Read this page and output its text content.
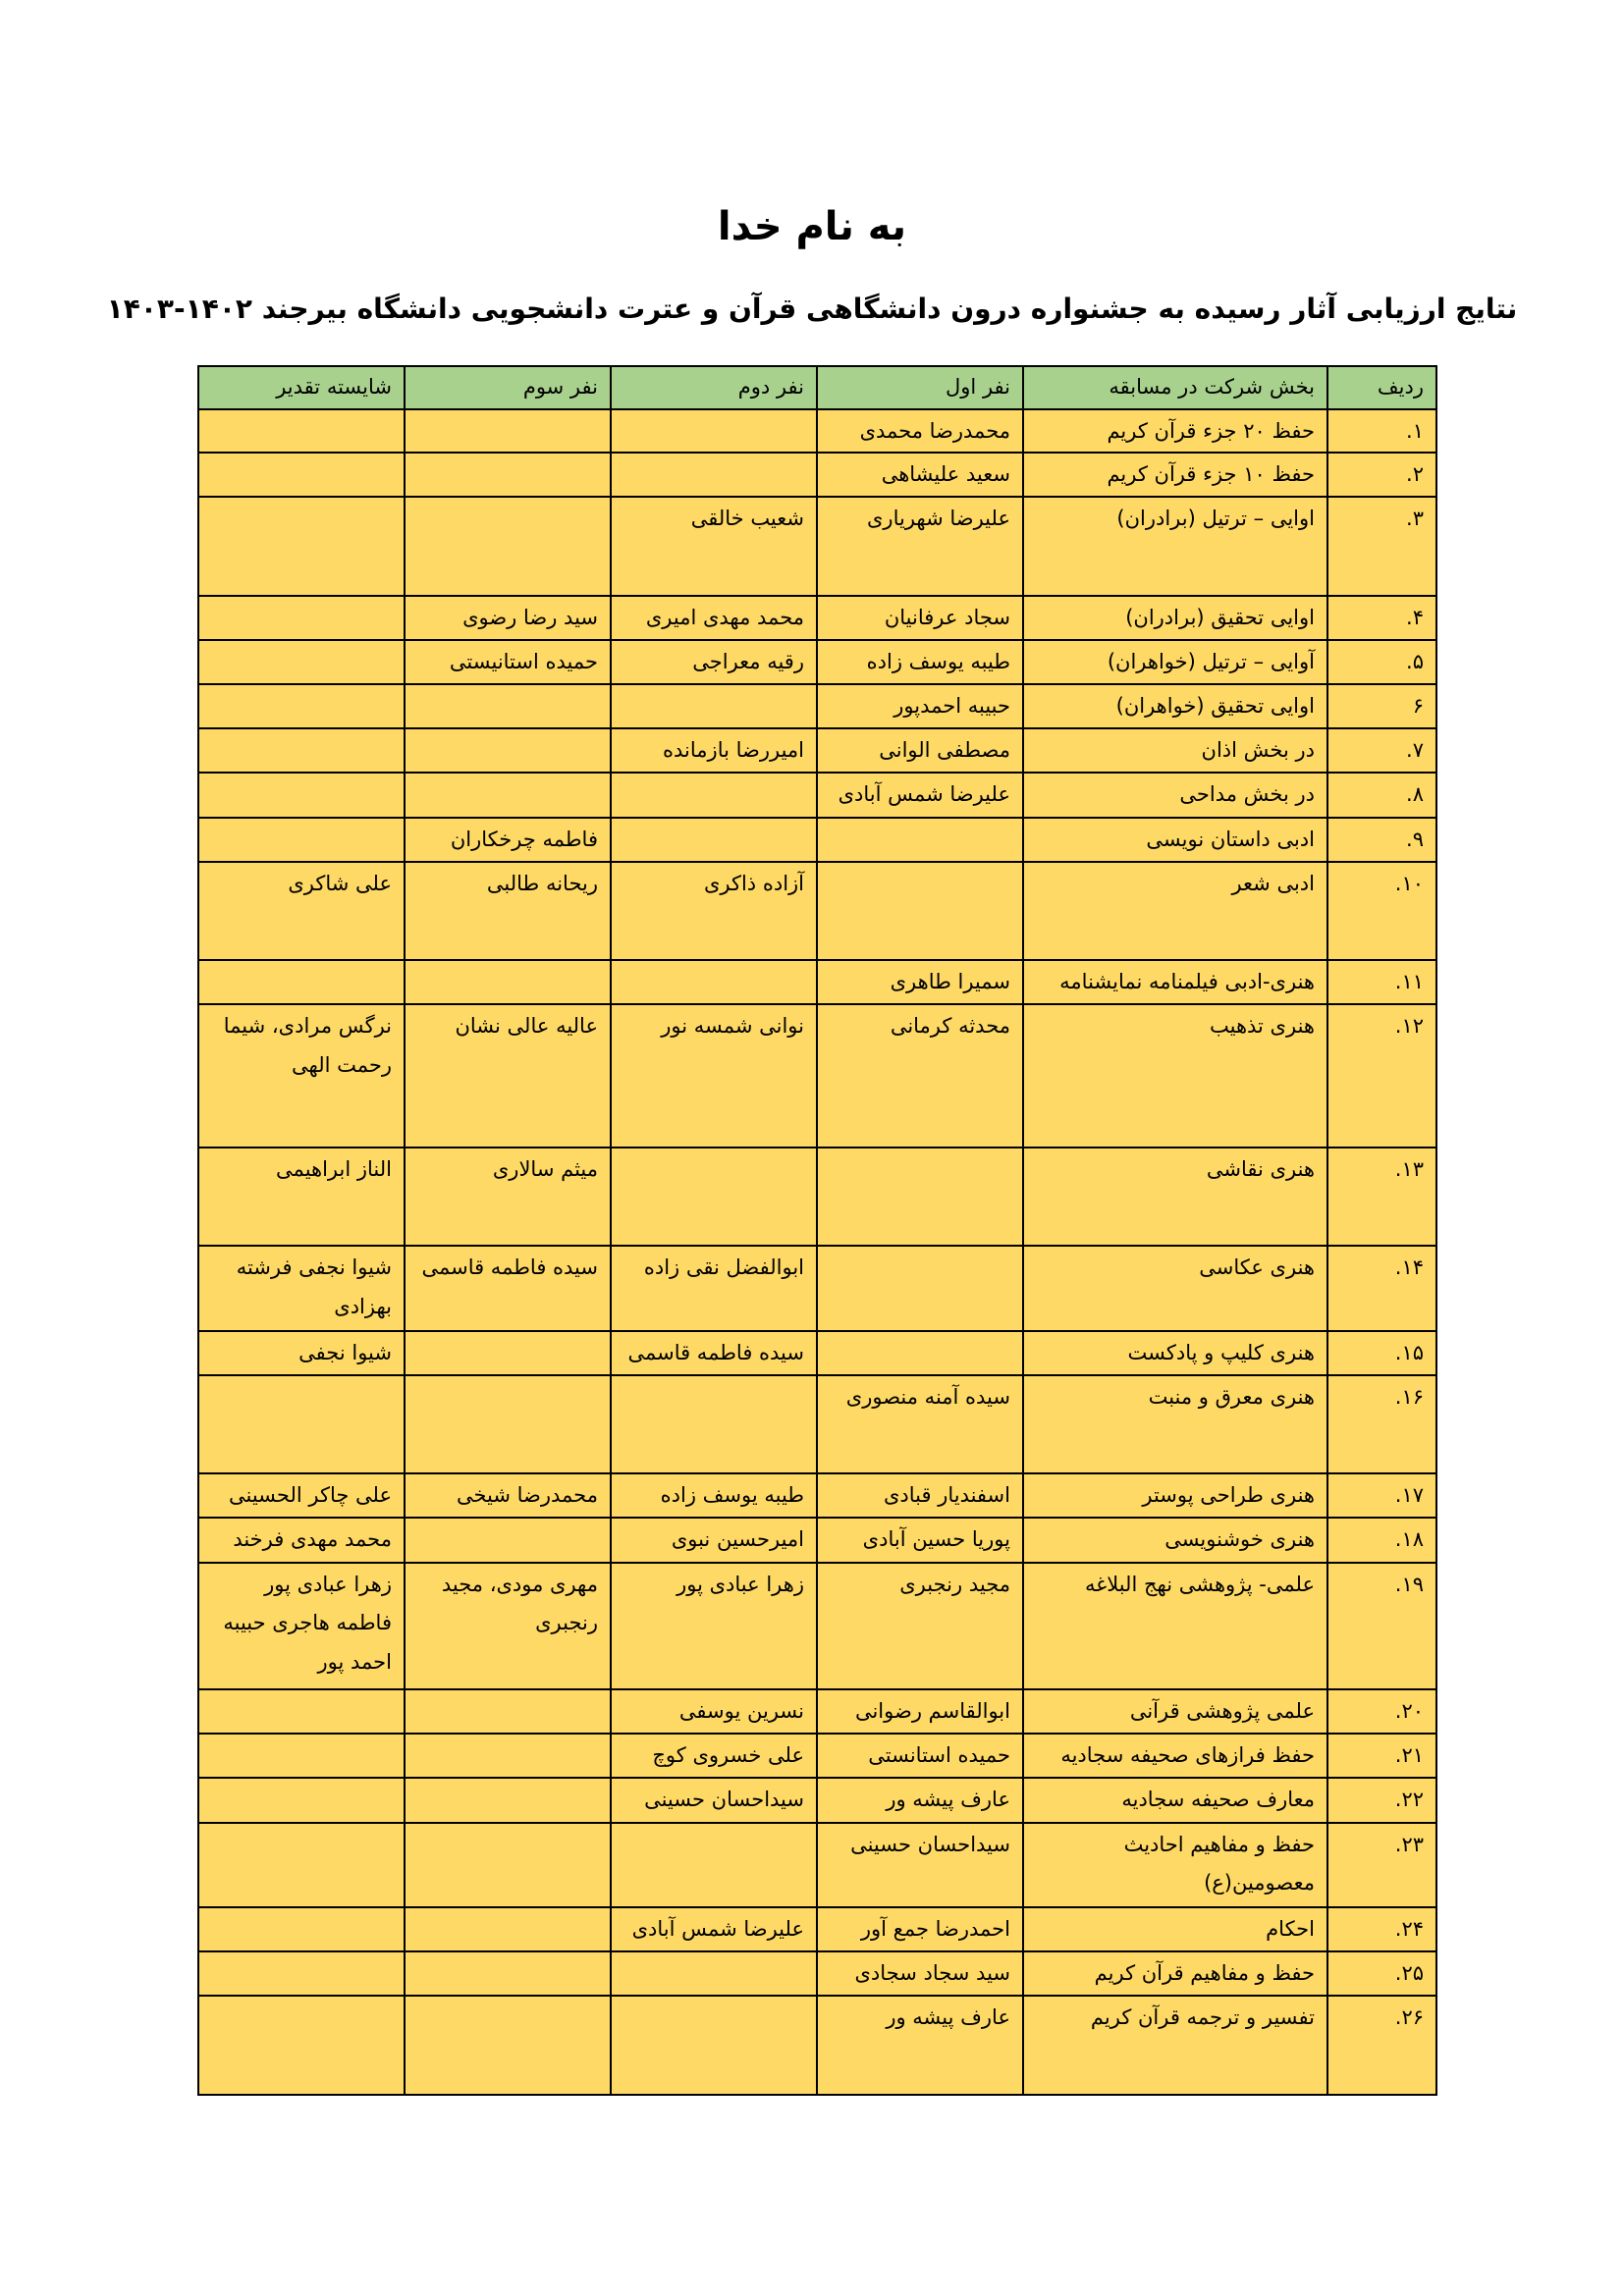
به نام خدا
نتایج ارزیابی آثار رسیده به جشنواره درون دانشگاهی قرآن و عترت دانشجویی دانشگاه بیرجند ۱۴۰۲-۱۴۰۳
ردیف	بخش شرکت در مسابقه	نفر اول	نفر دوم	نفر سوم	شایسته تقدیر
۱.	حفظ ۲۰ جزء قرآن کریم	محمدرضا محمدی			
۲.	حفظ ۱۰ جزء قرآن کریم	سعید علیشاهی			
۳.	اوایی – ترتیل (برادران)	علیرضا شهریاری	شعیب خالقی		
۴.	اوایی تحقیق (برادران)	سجاد عرفانیان	محمد مهدی امیری	سید رضا رضوی	
۵.	آوایی – ترتیل (خواهران)	طیبه یوسف زاده	رقیه معراجی	حمیده استانیستی	
۶	اوایی تحقیق (خواهران)	حبیبه احمدپور			
۷.	در بخش اذان	مصطفی الوانی	امیررضا بازمانده		
۸.	در بخش مداحی	علیرضا شمس آبادی			
۹.	ادبی داستان نویسی			فاطمه چرخکاران	
۱۰.	ادبی شعر		آزاده ذاکری	ریحانه طالبی	علی شاکری
۱۱.	هنری-ادبی فیلمنامه نمایشنامه	سمیرا طاهری			
۱۲.	هنری تذهیب	محدثه کرمانی	نوانی شمسه نور	عالیه عالی نشان	نرگس مرادی، شیما رحمت الهی
۱۳.	هنری نقاشی			میثم سالاری	الناز ابراهیمی
۱۴.	هنری عکاسی		ابوالفضل نقی زاده	سیده فاطمه قاسمی	شیوا نجفی فرشته بهزادی
۱۵.	هنری کلیپ و پادکست		سیده فاطمه قاسمی		شیوا نجفی
۱۶.	هنری معرق و منبت	سیده آمنه منصوری			
۱۷.	هنری طراحی پوستر	اسفندیار قبادی	طیبه یوسف زاده	محمدرضا شیخی	علی چاکر الحسینی
۱۸.	هنری خوشنویسی	پوریا حسین آبادی	امیرحسین نبوی		محمد مهدی فرخند
۱۹.	علمی- پژوهشی نهج البلاغه	مجید رنجبری	زهرا عبادی پور	مهری مودی، مجید رنجبری	زهرا عبادی پور فاطمه هاجری حبیبه احمد پور
۲۰.	علمی پژوهشی قرآنی	ابوالقاسم رضوانی	نسرین یوسفی		
۲۱.	حفظ فرازهای صحیفه سجادیه	حمیده استانستی	علی خسروی کوچ		
۲۲.	معارف صحیفه سجادیه	عارف پیشه ور	سیداحسان حسینی		
۲۳.	حفظ و مفاهیم احادیث معصومین(ع)	سیداحسان حسینی			
۲۴.	احکام	احمدرضا جمع آور	علیرضا شمس آبادی		
۲۵.	حفظ و مفاهیم قرآن کریم	سید سجاد سجادی			
۲۶.	تفسیر و ترجمه قرآن کریم	عارف پیشه ور			
